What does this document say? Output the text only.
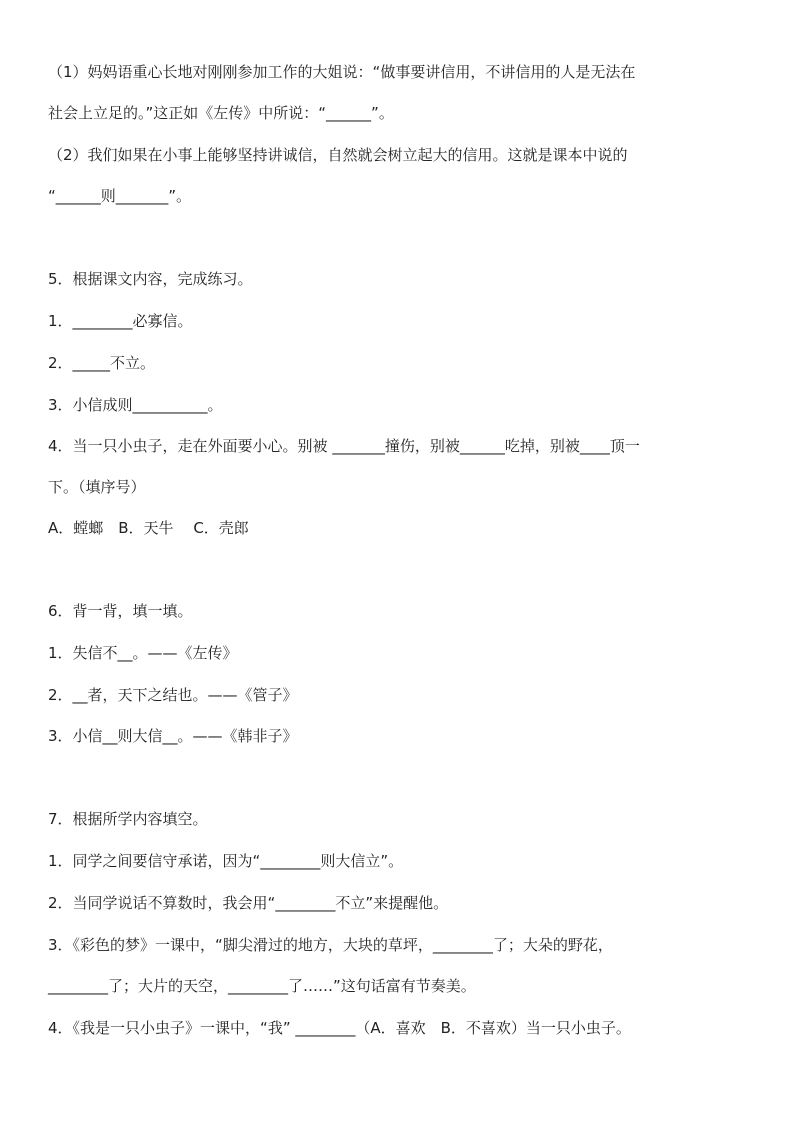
（1）妈妈语重心长地对刚刚参加工作的大姐说：“做事要讲信用，不讲信用的人是无法在
社会上立足的。”这正如《左传》中所说：“______”。
（2）我们如果在小事上能够坚持讲诚信，自然就会树立起大的信用。这就是课本中说的
“______则_______”。
5．根据课文内容，完成练习。
1．________必寡信。
2．_____不立。
3．小信成则__________。
4．当一只小虫子，走在外面要小心。别被 _______撞伤，别被______吃掉，别被____顶一
下。（填序号）
A．螳螂　B．天牛　 C．壳郎
6．背一背，填一填。
1．失信不__。——《左传》
2．__者，天下之结也。——《管子》
3．小信__则大信__。——《韩非子》
7．根据所学内容填空。
1．同学之间要信守承诺，因为“________则大信立”。
2．当同学说话不算数时，我会用“________不立”来提醒他。
3．《彩色的梦》一课中，“脚尖滑过的地方，大块的草坪，________了；大朵的野花，
________了；大片的天空，________了……”这句话富有节奏美。
4．《我是一只小虫子》一课中，“我” ________（A．喜欢　B．不喜欢）当一只小虫子。
